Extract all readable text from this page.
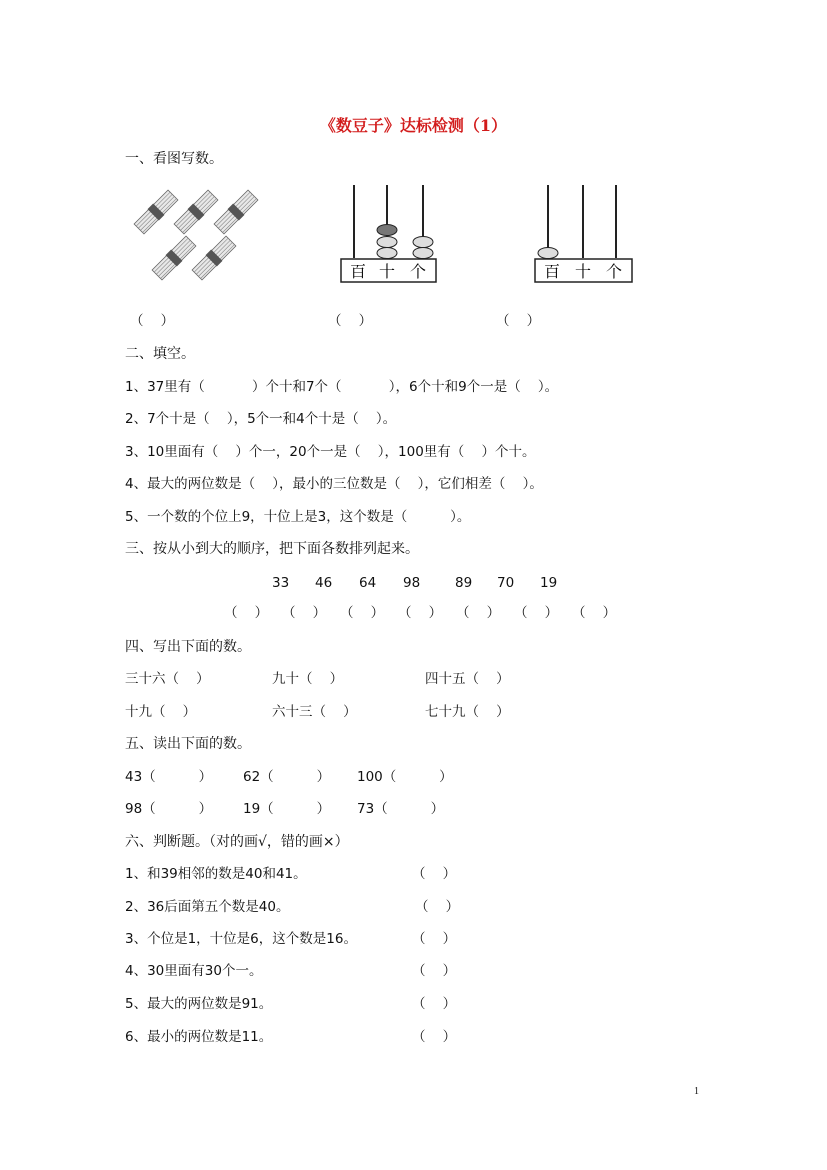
《数豆子》达标检测（1）
一、看图写数。
百 十 个	百 十 个
（    ）	（    ）	（    ）
二、填空。
1、37里有（           ）个十和7个（           ），6个十和9个一是（    ）。
2、7个十是（    ），5个一和4个十是（    ）。
3、10里面有（    ）个一，20个一是（    ），100里有（    ）个十。
4、最大的两位数是（    ），最小的三位数是（    ），它们相差（    ）。
5、一个数的个位上9，十位上是3，这个数是（          ）。
三、按从小到大的顺序，把下面各数排列起来。
33 46 64 98	89 70 19
（    ） （    ） （    ） （    ） （    ） （    ） （    ）
四、写出下面的数。
三十六（    ）	九十（    ）	四十五（    ）
十九（    ）	六十三（    ）	七十九（    ）
五、读出下面的数。
43（          ） 62（          ） 100（          ）
98（          ） 19（          ） 73（          ）
六、判断题。（对的画√，错的画×）
1、和39相邻的数是40和41。	（    ）
2、36后面第五个数是40。	（    ）
3、个位是1，十位是6，这个数是16。	（    ）
4、30里面有30个一。	（    ）
5、最大的两位数是91。	（    ）
6、最小的两位数是11。	（    ）
1
